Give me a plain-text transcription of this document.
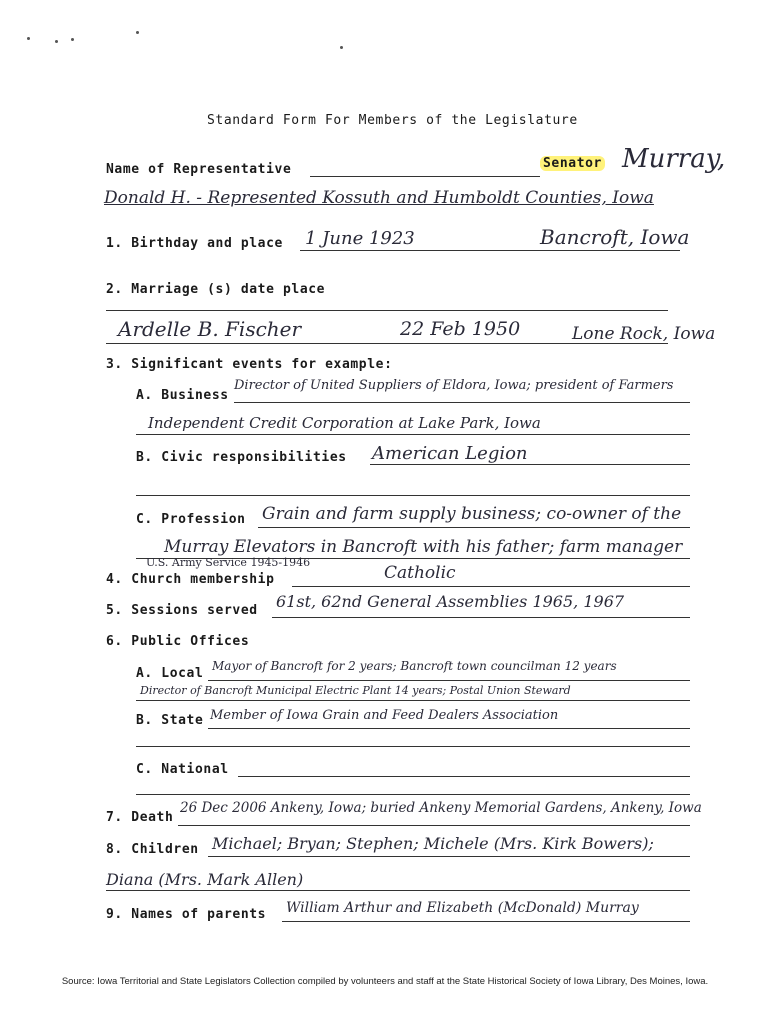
Standard Form For Members of the Legislature
Name of Representative	Senator Murray,
Donald H. - Represented Kossuth and Humboldt Counties, Iowa
1. Birthday and place 1 June 1923	Bancroft, Iowa
2. Marriage (s) date place
Ardelle B. Fischer	22 Feb 1950	Lone Rock, Iowa
3. Significant events for example:
A. Business
Director of United Suppliers of Eldora, Iowa; president of Farmers
Independent Credit Corporation at Lake Park, Iowa
B. Civic responsibilities American Legion
C. Profession Grain and farm supply business; co-owner of the
Murray Elevators in Bancroft with his father; farm manager
U.S. Army Service 1945-1946
4. Church membership	Catholic
5. Sessions served 61st, 62nd General Assemblies 1965, 1967
6. Public Offices
A. Local Mayor of Bancroft for 2 years; Bancroft town councilman 12 years
Director of Bancroft Municipal Electric Plant 14 years; Postal Union Steward
B. State Member of Iowa Grain and Feed Dealers Association
C. National
7. Death
26 Dec 2006 Ankeny, Iowa; buried Ankeny Memorial Gardens, Ankeny, Iowa
8. Children Michael; Bryan; Stephen; Michele (Mrs. Kirk Bowers);
Diana (Mrs. Mark Allen)
9. Names of parents William Arthur and Elizabeth (McDonald) Murray
Source: Iowa Territorial and State Legislators Collection compiled by volunteers and staff at the State Historical Society of Iowa Library, Des Moines, Iowa.
